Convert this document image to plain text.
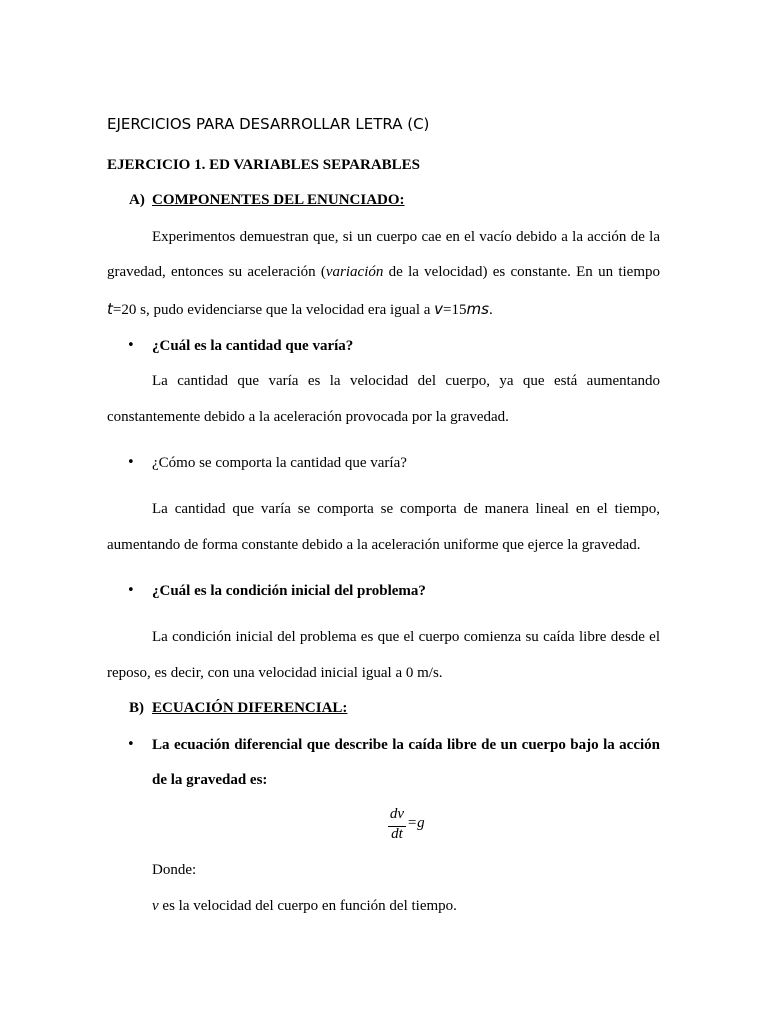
EJERCICIOS PARA DESARROLLAR LETRA (C)
EJERCICIO 1. ED VARIABLES SEPARABLES
A) COMPONENTES DEL ENUNCIADO:
Experimentos demuestran que, si un cuerpo cae en el vacío debido a la acción de la
gravedad, entonces su aceleración (variación de la velocidad) es constante. En un tiempo
t=20 s, pudo evidenciarse que la velocidad era igual a v=15ms.
• ¿Cuál es la cantidad que varía?
La cantidad que varía es la velocidad del cuerpo, ya que está aumentando
constantemente debido a la aceleración provocada por la gravedad.
• ¿Cómo se comporta la cantidad que varía?
La cantidad que varía se comporta se comporta de manera lineal en el tiempo,
aumentando de forma constante debido a la aceleración uniforme que ejerce la gravedad.
• ¿Cuál es la condición inicial del problema?
La condición inicial del problema es que el cuerpo comienza su caída libre desde el
reposo, es decir, con una velocidad inicial igual a 0 m/s.
B) ECUACIÓN DIFERENCIAL:
• La ecuación diferencial que describe la caída libre de un cuerpo bajo la acción
de la gravedad es:
dv
dt
=g
Donde:
v es la velocidad del cuerpo en función del tiempo.
